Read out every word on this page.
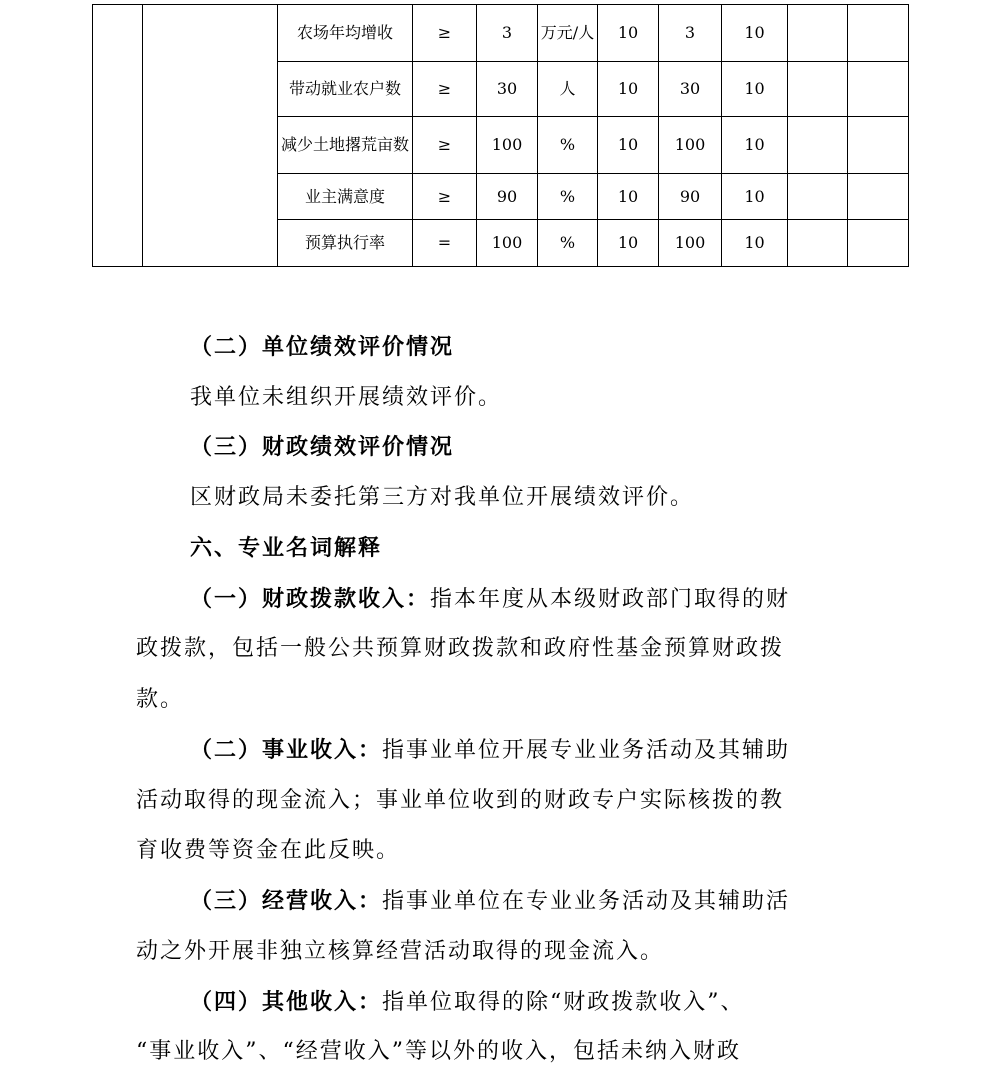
		农场年均增收	≥	3	万元/人	10	3	10		
		带动就业农户数	≥	30	人	10	30	10		
		减少土地撂荒亩数	≥	100	%	10	100	10		
		业主满意度	≥	90	%	10	90	10		
		预算执行率	=	100	%	10	100	10		
（二）单位绩效评价情况
我单位未组织开展绩效评价。
（三）财政绩效评价情况
区财政局未委托第三方对我单位开展绩效评价。
六、专业名词解释
（一）财政拨款收入：指本年度从本级财政部门取得的财
政拨款，包括一般公共预算财政拨款和政府性基金预算财政拨
款。
（二）事业收入：指事业单位开展专业业务活动及其辅助
活动取得的现金流入；事业单位收到的财政专户实际核拨的教
育收费等资金在此反映。
（三）经营收入：指事业单位在专业业务活动及其辅助活
动之外开展非独立核算经营活动取得的现金流入。
（四）其他收入：指单位取得的除“财政拨款收入”、
“事业收入”、“经营收入”等以外的收入，包括未纳入财政
